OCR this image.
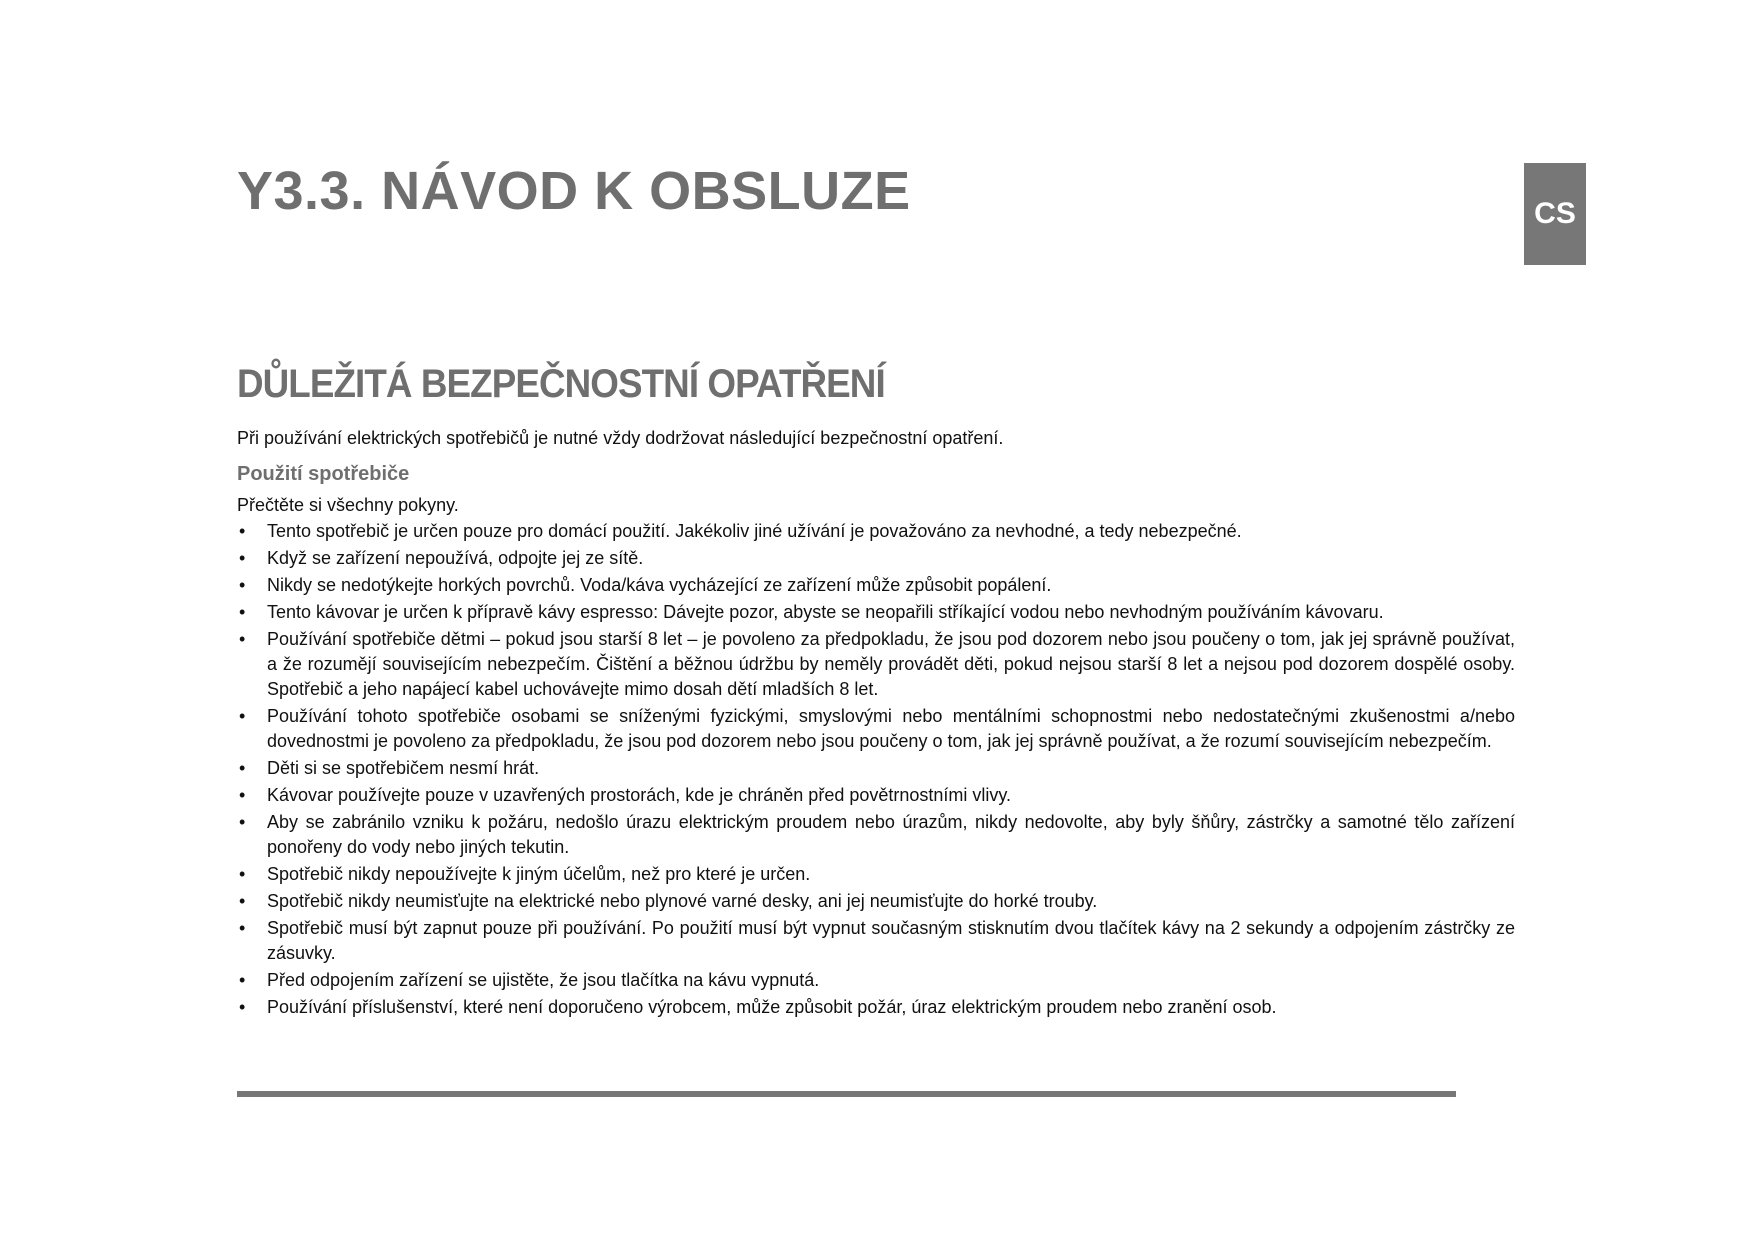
Y3.3. NÁVOD K OBSLUZE	CS
DŮLEŽITÁ BEZPEČNOSTNÍ OPATŘENÍ

Při používání elektrických spotřebičů je nutné vždy dodržovat následující bezpečnostní opatření.

Použití spotřebiče

Přečtěte si všechny pokyny.

• Tento spotřebič je určen pouze pro domácí použití. Jakékoliv jiné užívání je považováno za nevhodné, a tedy nebezpečné.
• Když se zařízení nepoužívá, odpojte jej ze sítě.
• Nikdy se nedotýkejte horkých povrchů. Voda/káva vycházející ze zařízení může způsobit popálení.
• Tento kávovar je určen k přípravě kávy espresso: Dávejte pozor, abyste se neopařili stříkající vodou nebo nevhodným používáním kávovaru.
• Používání spotřebiče dětmi – pokud jsou starší 8 let – je povoleno za předpokladu, že jsou pod dozorem nebo jsou poučeny o tom, jak jej správně používat, a že rozumějí souvisejícím nebezpečím. Čištění a běžnou údržbu by neměly provádět děti, pokud nejsou starší 8 let a nejsou pod dozorem dospělé osoby. Spotřebič a jeho napájecí kabel uchovávejte mimo dosah dětí mladších 8 let.
• Používání tohoto spotřebiče osobami se sníženými fyzickými, smyslovými nebo mentálními schopnostmi nebo nedostatečnými zkušenostmi a/nebo dovednostmi je povoleno za předpokladu, že jsou pod dozorem nebo jsou poučeny o tom, jak jej správně používat, a že rozumí souvisejícím nebezpečím.
• Děti si se spotřebičem nesmí hrát.
• Kávovar používejte pouze v uzavřených prostorách, kde je chráněn před povětrnostními vlivy.
• Aby se zabránilo vzniku k požáru, nedošlo úrazu elektrickým proudem nebo úrazům, nikdy nedovolte, aby byly šňůry, zástrčky a samotné tělo zařízení ponořeny do vody nebo jiných tekutin.
• Spotřebič nikdy nepoužívejte k jiným účelům, než pro které je určen.
• Spotřebič nikdy neumisťujte na elektrické nebo plynové varné desky, ani jej neumisťujte do horké trouby.
• Spotřebič musí být zapnut pouze při používání. Po použití musí být vypnut současným stisknutím dvou tlačítek kávy na 2 sekundy a odpojením zástrčky ze zásuvky.
• Před odpojením zařízení se ujistěte, že jsou tlačítka na kávu vypnutá.
• Používání příslušenství, které není doporučeno výrobcem, může způsobit požár, úraz elektrickým proudem nebo zranění osob.
